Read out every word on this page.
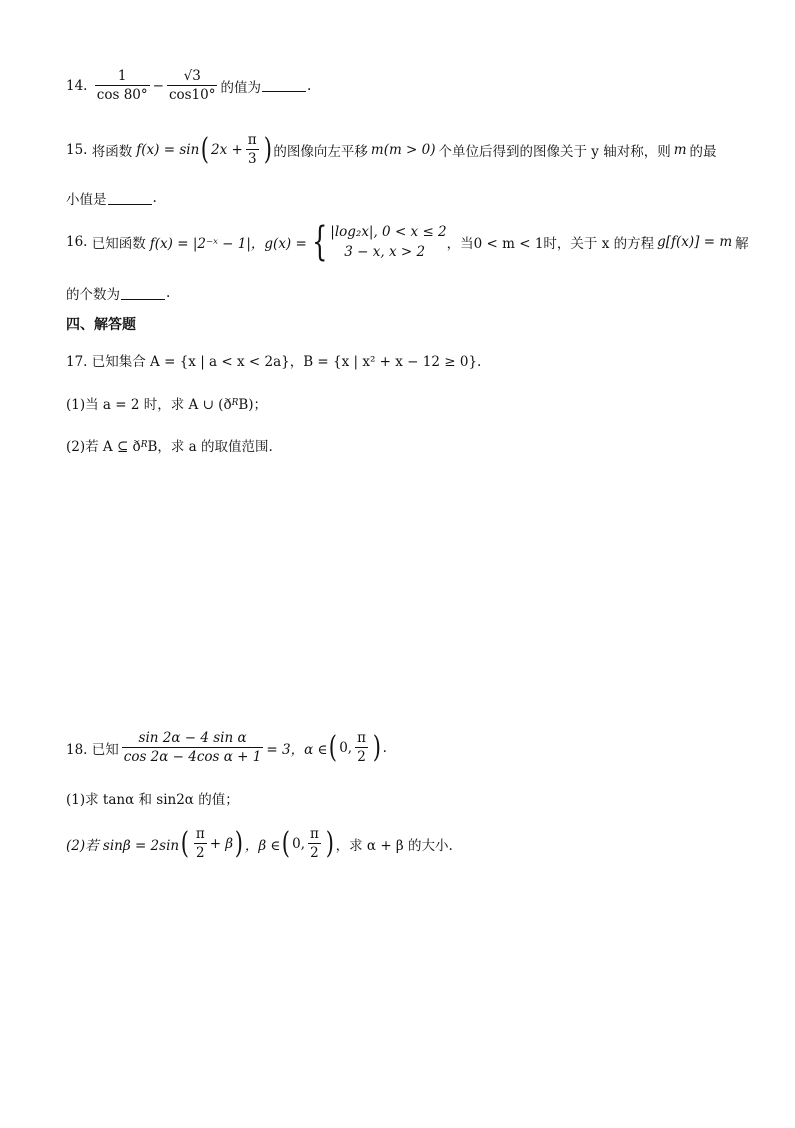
14.
$\frac{1}{\cos 80^\circ} - \frac{√3}{\cos 10^\circ}$ 的值为	.
15.
将函数 f(x) = sin ( $2x + \frac{\pi}{3}$ ) 的图像向左平移 m(m > 0) 个单位后得到的图像关于 y 轴对称，则 m 的最
小值是	.
16.
已知函数 f(x) = |2⁻ˣ − 1|，g(x) = { |log₂x|, 0 < x ≤ 2
3 − x, x > 2	，当0 < m < 1时，关于 x 的方程 g[f(x)] = m 解
的个数为	.
四、解答题
17. 已知集合 A = {x | a < x < 2a}，B = {x | x² + x − 12 ≥ 0}.
(1)当 a = 2 时，求 A ∪ (ð R B)；
(2)若 A ⊆ ð R B，求 a 的取值范围.
18. 已知 $\frac{\text{sin 2α − 4 sin α}}{\text{cos 2α − 4cos α + 1}} = 3$，α ∈ ( 0, $\frac{\pi}{2}$ ) .
(1)求 tanα 和 sin2α 的值；
(2)若 sinβ = 2sin ( $\frac{\pi}{2} + \beta$ ) ，β ∈ ( 0, $\frac{\pi}{2}$ ) ，求 α + β 的大小.
